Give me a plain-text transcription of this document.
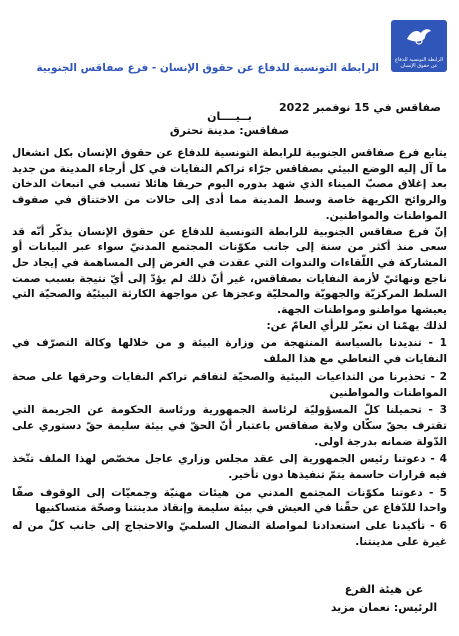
الرابطة التونسية للدفاع عن حقوق الإنسان
الرابطة التونسية للدفاع عن حقوق الإنسان - فرع صفاقس الجنوبية
صفاقس في 15 نوفمبر 2022
بــيــــان
صفاقس: مدينة تحترق

يتابع فرع صفاقس الجنوبية للرابطة التونسية للدفاع عن حقوق الإنسان بكل انشغال ما آل إليه الوضع البيئي بصفاقس جرّاء تراكم النفايات في كل أرجاء المدينة من جديد بعد إغلاق مصبّ الميناء الذي شهد بدوره اليوم حريقا هائلا تسبب في انبعاث الدخان والروائح الكريهة خاصة وسط المدينة مما أدى إلى حالات من الاختناق في صفوف المواطنات والمواطنين.

إنّ فرع صفاقس الجنوبية للرابطة التونسية للدفاع عن حقوق الإنسان يذكّر أنّه قد سعى منذ أكثر من سنة إلى جانب مكوّنات المجتمع المدنيّ سواء عبر البيانات أو المشاركة في اللّقاءات والندوات التي عقدت في الغرض إلى المساهمة في إيجاد حل ناجع ونهائيّ لأزمة النفايات بصفاقس، غير أنّ ذلك لم يؤدّ إلى أيّ نتيجة بسبب صمت السلط المركزيّة والجهويّة والمحليّة وعجزها عن مواجهة الكارثة البيئيّة والصحيّة التي يعيشها مواطنو ومواطنات الجهة.

لذلك يهمّنا ان نعبّر للرأي العامّ عن:

1 - تنديدنا بالسياسة المنتهجة من وزارة البيئة و من خلالها وكالة التصرّف في النفايات في التعاطي مع هذا الملف

2 - تحذيرنا من التداعيات البيئية والصحيّة لتفاقم تراكم النفايات وحرقها على صحة المواطنات والمواطنين

3 - تحميلنا كلّ المسؤوليّة لرئاسة الجمهورية ورئاسة الحكومة عن الجريمة التي تقترف بحقّ سكّان ولاية صفاقس باعتبار أنّ الحقّ في بيئة سليمة حقّ دستوري على الدّولة ضمانه بدرجة اولى.

4 - دعوتنا رئيس الجمهورية إلى عقد مجلس وزاري عاجل مخصّص لهذا الملف تتّخذ فيه قرارات حاسمة يتمّ تنفيذها دون تأخير.

5 - دعوتنا مكوّنات المجتمع المدني من هيئات مهنيّة وجمعيّات إلى الوقوف صفّا واحدا للدّفاع عن حقّنا في العيش في بيئة سليمة وإنقاذ مدينتنا وصحّة متساكنيها

6 - تأكيدنا على استعدادنا لمواصلة النضال السلميّ والاحتجاج إلى جانب كلّ من له غيرة على مدينتنا.

عن هيئة الفرع
الرئيس: نعمان مزيد
